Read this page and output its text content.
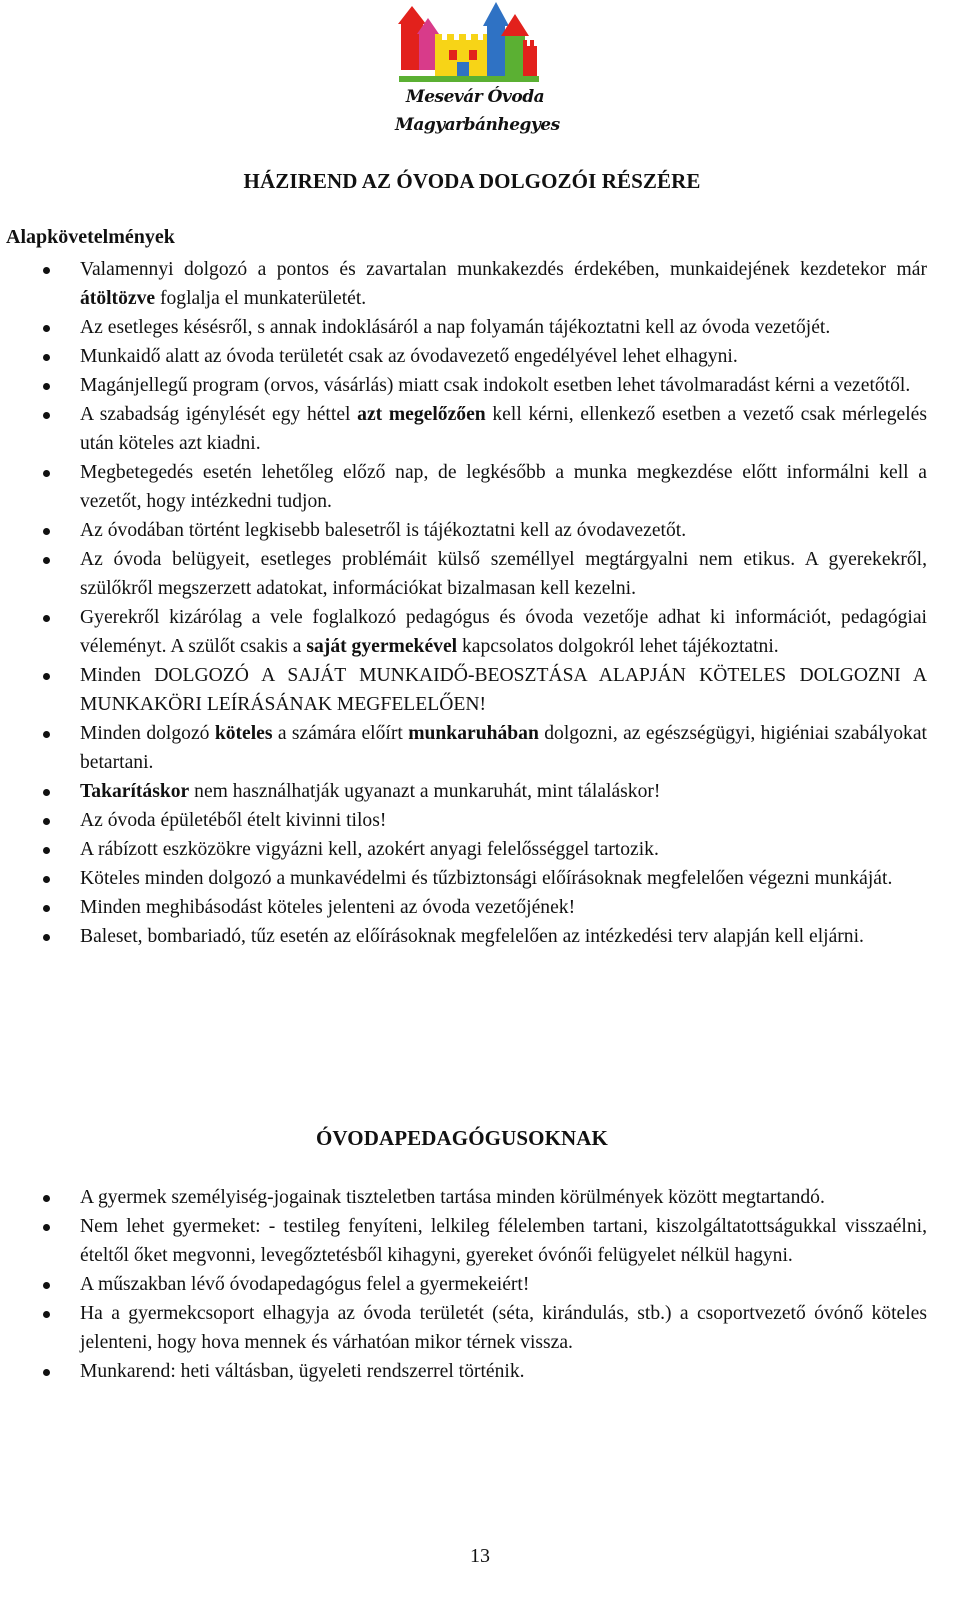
Mesevár Óvoda
Magyarbánhegyes
HÁZIREND AZ ÓVODA DOLGOZÓI RÉSZÉRE
Alapkövetelmények
Valamennyi dolgozó a pontos és zavartalan munkakezdés érdekében, munkaidejének kezdetekor már átöltözve foglalja el munkaterületét.
Az esetleges késésről, s annak indoklásáról a nap folyamán tájékoztatni kell az óvoda vezetőjét.
Munkaidő alatt az óvoda területét csak az óvodavezető engedélyével lehet elhagyni.
Magánjellegű program (orvos, vásárlás) miatt csak indokolt esetben lehet távolmaradást kérni a vezetőtől.
A szabadság igénylését egy héttel azt megelőzően kell kérni, ellenkező esetben a vezető csak mérlegelés után köteles azt kiadni.
Megbetegedés esetén lehetőleg előző nap, de legkésőbb a munka megkezdése előtt informálni kell a vezetőt, hogy intézkedni tudjon.
Az óvodában történt legkisebb balesetről is tájékoztatni kell az óvodavezetőt.
Az óvoda belügyeit, esetleges problémáit külső személlyel megtárgyalni nem etikus. A gyerekekről, szülőkről megszerzett adatokat, információkat bizalmasan kell kezelni.
Gyerekről kizárólag a vele foglalkozó pedagógus és óvoda vezetője adhat ki információt, pedagógiai véleményt. A szülőt csakis a saját gyermekével kapcsolatos dolgokról lehet tájékoztatni.
Minden DOLGOZÓ A SAJÁT MUNKAIDŐ-BEOSZTÁSA ALAPJÁN KÖTELES DOLGOZNI A MUNKAKÖRI LEÍRÁSÁNAK MEGFELELŐEN!
Minden dolgozó köteles a számára előírt munkaruhában dolgozni, az egészségügyi, higiéniai szabályokat betartani.
Takarításkor nem használhatják ugyanazt a munkaruhát, mint tálaláskor!
Az óvoda épületéből ételt kivinni tilos!
A rábízott eszközökre vigyázni kell, azokért anyagi felelősséggel tartozik.
Köteles minden dolgozó a munkavédelmi és tűzbiztonsági előírásoknak megfelelően végezni munkáját.
Minden meghibásodást köteles jelenteni az óvoda vezetőjének!
Baleset, bombariadó, tűz esetén az előírásoknak megfelelően az intézkedési terv alapján kell eljárni.
ÓVODAPEDAGÓGUSOKNAK
A gyermek személyiség-jogainak tiszteletben tartása minden körülmények között megtartandó.
Nem lehet gyermeket: - testileg fenyíteni, lelkileg félelemben tartani, kiszolgáltatottságukkal visszaélni, ételtől őket megvonni, levegőztetésből kihagyni, gyereket óvónői felügyelet nélkül hagyni.
A műszakban lévő óvodapedagógus felel a gyermekeiért!
Ha a gyermekcsoport elhagyja az óvoda területét (séta, kirándulás, stb.) a csoportvezető óvónő köteles jelenteni, hogy hova mennek és várhatóan mikor térnek vissza.
Munkarend: heti váltásban, ügyeleti rendszerrel történik.
13
